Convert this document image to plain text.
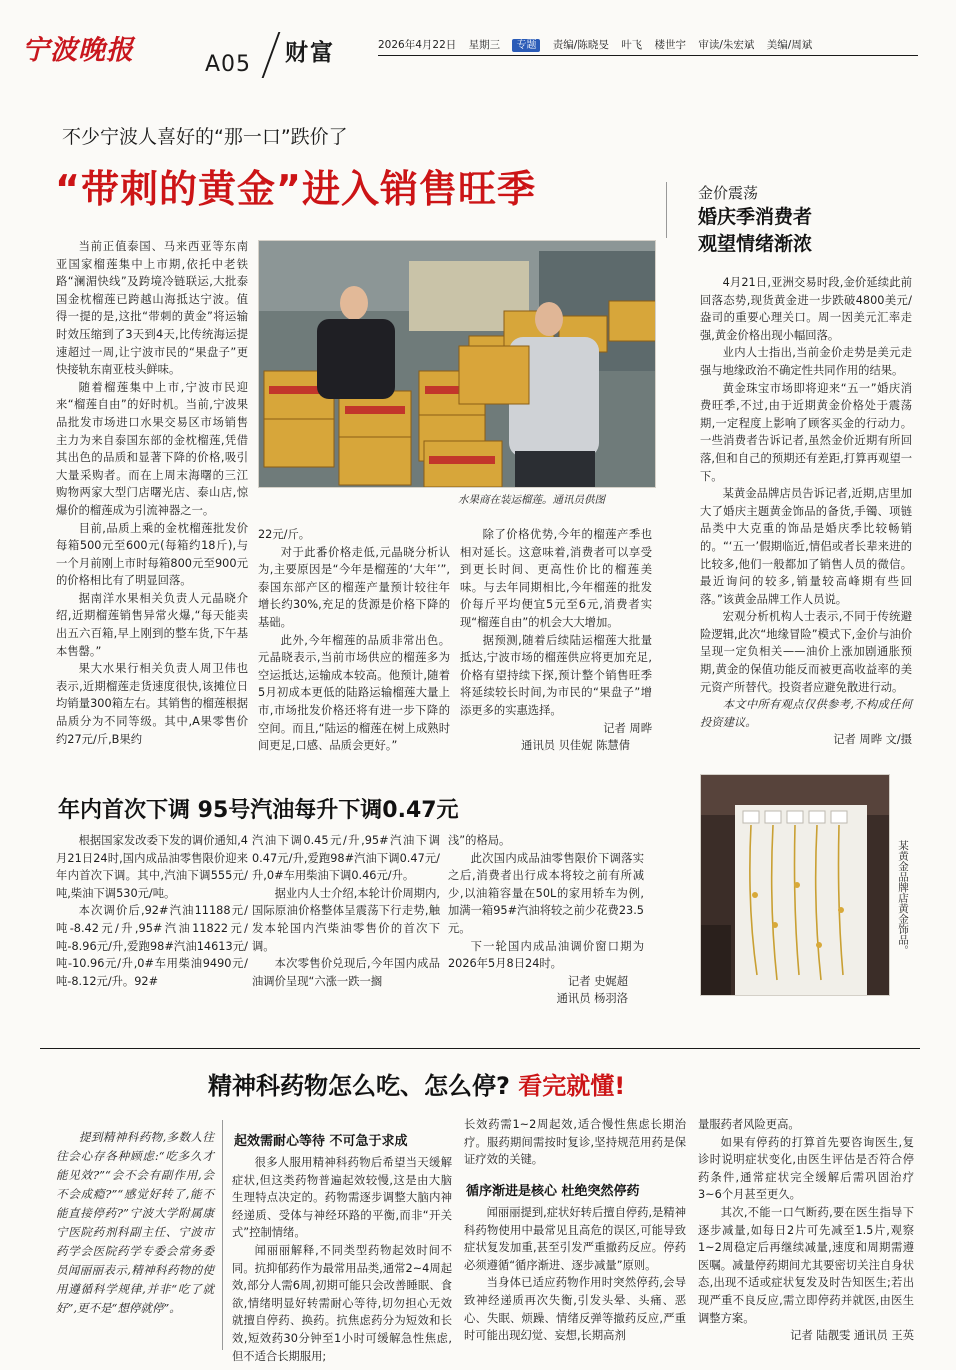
宁波晚报	A05 财富	2026年4月22日 星期三 专题 责编/陈晓旻 叶飞 楼世宇 审读/朱宏斌 美编/周斌
不少宁波人喜好的“那一口”跌价了
“带刺的黄金”进入销售旺季
水果商在装运榴莲。通讯员供图

当前正值泰国、马来西亚等东南亚国家榴莲集中上市期,依托中老铁路“澜湄快线”及跨境冷链联运,大批泰国金枕榴莲已跨越山海抵达宁波。值得一提的是,这批“带刺的黄金”将运输时效压缩到了3天到4天,比传统海运提速超过一周,让宁波市民的“果盘子”更快接轨东南亚枝头鲜味。

随着榴莲集中上市,宁波市民迎来“榴莲自由”的好时机。当前,宁波果品批发市场进口水果交易区市场销售主力为来自泰国东部的金枕榴莲,凭借其出色的品质和显著下降的价格,吸引大量采购者。而在上周末海曙的三江购物两家大型门店曙光店、泰山店,惊爆价的榴莲成为引流神器之一。

目前,品质上乘的金枕榴莲批发价每箱500元至600元(每箱约18斤),与一个月前刚上市时每箱800元至900元的价格相比有了明显回落。

据南洋水果相关负责人元晶晓介绍,近期榴莲销售异常火爆,“每天能卖出五六百箱,早上刚到的整车货,下午基本售罄。”

果大水果行相关负责人周卫伟也表示,近期榴莲走货速度很快,该摊位日均销量300箱左右。其销售的榴莲根据品质分为不同等级。其中,A果零售价约27元/斤,B果约

22元/斤。

对于此番价格走低,元晶晓分析认为,主要原因是“今年是榴莲的‘大年’”,泰国东部产区的榴莲产量预计较往年增长约30%,充足的货源是价格下降的基础。

此外,今年榴莲的品质非常出色。元晶晓表示,当前市场供应的榴莲多为空运抵达,运输成本较高。他预计,随着5月初成本更低的陆路运输榴莲大量上市,市场批发价格还将有进一步下降的空间。而且,“陆运的榴莲在树上成熟时间更足,口感、品质会更好。”

除了价格优势,今年的榴莲产季也相对延长。这意味着,消费者可以享受到更长时间、更高性价比的榴莲美味。与去年同期相比,今年榴莲的批发价每斤平均便宜5元至6元,消费者实现“榴莲自由”的机会大大增加。

据预测,随着后续陆运榴莲大批量抵达,宁波市场的榴莲供应将更加充足,价格有望持续下探,预计整个销售旺季将延续较长时间,为市民的“果盘子”增添更多的实惠选择。

记者 周晔

通讯员 贝佳妮 陈慧倩

金价震荡
婚庆季消费者
观望情绪渐浓

4月21日,亚洲交易时段,金价延续此前回落态势,现货黄金进一步跌破4800美元/盎司的重要心理关口。周一因美元汇率走强,黄金价格出现小幅回落。

业内人士指出,当前金价走势是美元走强与地缘政治不确定性共同作用的结果。

黄金珠宝市场即将迎来“五一”婚庆消费旺季,不过,由于近期黄金价格处于震荡期,一定程度上影响了顾客买金的行动力。一些消费者告诉记者,虽然金价近期有所回落,但和自己的预期还有差距,打算再观望一下。

某黄金品牌店员告诉记者,近期,店里加大了婚庆主题黄金饰品的备货,手镯、项链品类中大克重的饰品是婚庆季比较畅销的。“‘五一’假期临近,情侣或者长辈来进的比较多,他们一般都加了销售人员的微信。最近询问的较多,销量较高峰期有些回落。”该黄金品牌工作人员说。

宏观分析机构人士表示,不同于传统避险逻辑,此次“地缘冒险”模式下,金价与油价呈现一定负相关——油价上涨加剧通胀预期,黄金的保值功能反而被更高收益率的美元资产所替代。投资者应避免散进行动。

本文中所有观点仅供参考,不构成任何投资建议。

记者 周晔 文/摄

某黄金品牌店黄金饰品。
年内首次下调 95号汽油每升下调0.47元

根据国家发改委下发的调价通知,4月21日24时,国内成品油零售限价迎来年内首次下调。其中,汽油下调555元/吨,柴油下调530元/吨。

本次调价后,92#汽油11188元/吨-8.42元/升,95#汽油11822元/吨-8.96元/升,爱跑98#汽油14613元/吨-10.96元/升,0#车用柴油9490元/吨-8.12元/升。92#

汽油下调0.45元/升,95#汽油下调0.47元/升,爱跑98#汽油下调0.47元/升,0#车用柴油下调0.46元/升。

据业内人士介绍,本轮计价周期内,国际原油价格整体呈震荡下行走势,触发本轮国内汽柴油零售价的首次下调。

本次零售价兑现后,今年国内成品油调价呈现“六涨一跌一搁

浅”的格局。

此次国内成品油零售限价下调落实之后,消费者出行成本将较之前有所减少,以油箱容量在50L的家用轿车为例,加满一箱95#汽油将较之前少花费23.5元。

下一轮国内成品油调价窗口期为2026年5月8日24时。

记者 史娓超

通讯员 杨羽洛

精神科药物怎么吃、怎么停? 看完就懂!

提到精神科药物,多数人往往会心存各种顾虑:“吃多久才能见效?”“会不会有副作用,会不会成瘾?”“感觉好转了,能不能直接停药?”宁波大学附属康宁医院药剂科副主任、宁波市药学会医院药学专委会常务委员闻丽丽表示,精神科药物的使用遵循科学规律,并非“吃了就好”,更不是“想停就停”。

起效需耐心等待 不可急于求成

很多人服用精神科药物后希望当天缓解症状,但这类药物普遍起效较慢,这是由大脑生理特点决定的。药物需逐步调整大脑内神经递质、受体与神经环路的平衡,而非“开关式”控制情绪。

闻丽丽解释,不同类型药物起效时间不同。抗抑郁药作为最常用品类,通常2~4周起效,部分人需6周,初期可能只会改善睡眠、食欲,情绪明显好转需耐心等待,切勿担心无效就擅自停药、换药。抗焦虑药分为短效和长效,短效药30分钟至1小时可缓解急性焦虑,但不适合长期服用;

长效药需1~2周起效,适合慢性焦虑长期治疗。服药期间需按时复诊,坚持规范用药是保证疗效的关键。

循序渐进是核心 杜绝突然停药

闻丽丽提到,症状好转后擅自停药,是精神科药物使用中最常见且高危的误区,可能导致症状复发加重,甚至引发严重撤药反应。停药必须遵循“循序渐进、逐步减量”原则。

当身体已适应药物作用时突然停药,会导致神经递质再次失衡,引发头晕、头痛、恶心、失眠、烦躁、情绪反弹等撤药反应,严重时可能出现幻觉、妄想,长期高剂

量服药者风险更高。

如果有停药的打算首先要咨询医生,复诊时说明症状变化,由医生评估是否符合停药条件,通常症状完全缓解后需巩固治疗3~6个月甚至更久。

其次,不能一口气断药,要在医生指导下逐步减量,如每日2片可先减至1.5片,观察1~2周稳定后再继续减量,速度和周期需遵医嘱。减量停药期间尤其要密切关注自身状态,出现不适或症状复发及时告知医生;若出现严重不良反应,需立即停药并就医,由医生调整方案。

记者 陆靓雯 通讯员 王英
